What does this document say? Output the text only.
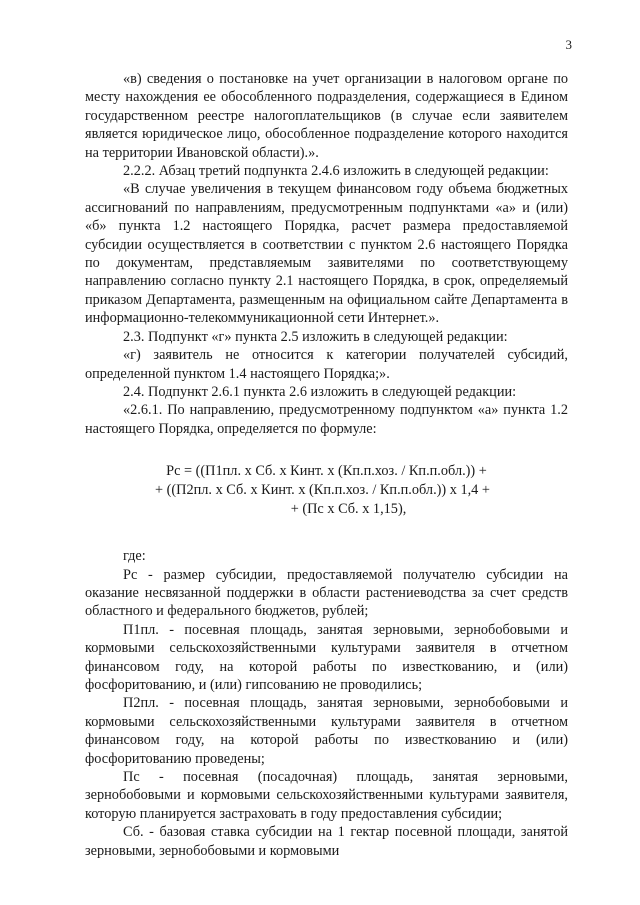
3

«в) сведения о постановке на учет организации в налоговом органе по месту нахождения ее обособленного подразделения, содержащиеся в Едином государственном реестре налогоплательщиков (в случае если заявителем является юридическое лицо, обособленное подразделение которого находится на территории Ивановской области).».

2.2.2. Абзац третий подпункта 2.4.6 изложить в следующей редакции:

«В случае увеличения в текущем финансовом году объема бюджетных ассигнований по направлениям, предусмотренным подпунктами «а» и (или) «б» пункта 1.2 настоящего Порядка, расчет размера предоставляемой субсидии осуществляется в соответствии с пунктом 2.6 настоящего Порядка по документам, представляемым заявителями по соответствующему направлению согласно пункту 2.1 настоящего Порядка, в срок, определяемый приказом Департамента, размещенным на официальном сайте Департамента в информационно-телекоммуникационной сети Интернет.».

2.3. Подпункт «г» пункта 2.5 изложить в следующей редакции:

«г) заявитель не относится к категории получателей субсидий, определенной пунктом 1.4 настоящего Порядка;».

2.4. Подпункт 2.6.1 пункта 2.6 изложить в следующей редакции:

«2.6.1. По направлению, предусмотренному подпунктом «а» пункта 1.2 настоящего Порядка, определяется по формуле:

Рс = ((П1пл. x Сб. x Кинт. x (Кп.п.хоз. / Кп.п.обл.)) +
+ ((П2пл. x Сб. x Кинт. x (Кп.п.хоз. / Кп.п.обл.)) x 1,4 +
+ (Пс x Сб. x 1,15),

где:

Рс - размер субсидии, предоставляемой получателю субсидии на оказание несвязанной поддержки в области растениеводства за счет средств областного и федерального бюджетов, рублей;

П1пл. - посевная площадь, занятая зерновыми, зернобобовыми и кормовыми сельскохозяйственными культурами заявителя в отчетном финансовом году, на которой работы по известкованию, и (или) фосфоритованию, и (или) гипсованию не проводились;

П2пл. - посевная площадь, занятая зерновыми, зернобобовыми и кормовыми сельскохозяйственными культурами заявителя в отчетном финансовом году, на которой работы по известкованию и (или) фосфоритованию проведены;

Пс - посевная (посадочная) площадь, занятая зерновыми, зернобобовыми и кормовыми сельскохозяйственными культурами заявителя, которую планируется застраховать в году предоставления субсидии;

Сб. - базовая ставка субсидии на 1 гектар посевной площади, занятой зерновыми, зернобобовыми и кормовыми
